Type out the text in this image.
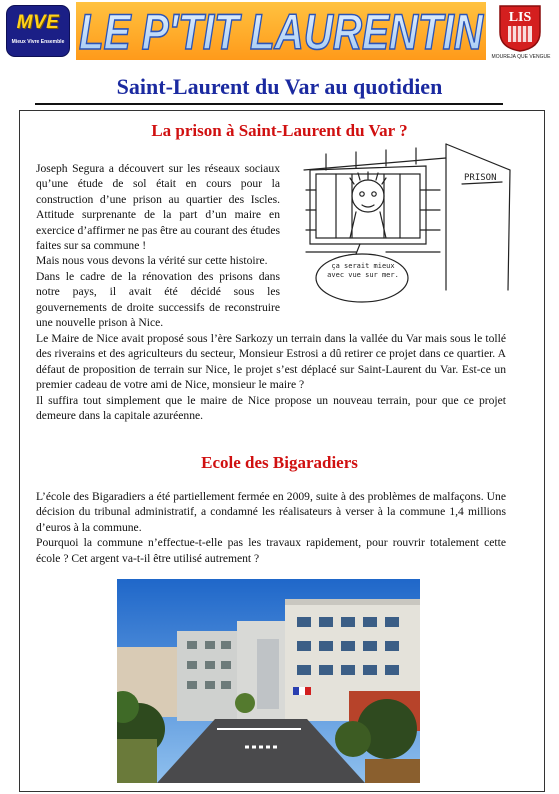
MVE
Mieux Vivre Ensemble LE P'TIT LAURENTIN LIS
MOUREJA QUE VENGUE
Saint-Laurent du Var au quotidien
La prison à Saint-Laurent du Var ?

Joseph Segura a découvert sur les réseaux sociaux qu’une étude de sol était en cours pour la construction d’une prison au quartier des Iscles. Attitude surprenante de la part d’un maire en exercice d’affirmer ne pas être au courant des études faites sur sa commune !

Mais nous vous devons la vérité sur cette histoire.

Dans le cadre de la rénovation des prisons dans notre pays, il avait été décidé sous les gouvernements de droite successifs de reconstruire une nouvelle prison à Nice.

PRISON
ça serait mieux avec vue sur mer.

Le Maire de Nice avait proposé sous l’ère Sarkozy un terrain dans la vallée du Var mais sous le tollé des riverains et des agriculteurs du secteur, Monsieur Estrosi a dû retirer ce projet dans ce quartier. A défaut de proposition de terrain sur Nice, le projet s’est déplacé sur Saint-Laurent du Var. Est-ce un premier cadeau de votre ami de Nice, monsieur le maire ?

Il suffira tout simplement que le maire de Nice propose un nouveau terrain, pour que ce projet demeure dans la capitale azuréenne.

Ecole des Bigaradiers

L’école des Bigaradiers a été partiellement fermée en 2009, suite à des problèmes de malfaçons. Une décision du tribunal administratif, a condamné les réalisateurs à verser à la commune 1,4 millions d’euros à la commune.

Pourquoi la commune n’effectue-t-elle pas les travaux rapidement, pour rouvrir totalement cette école ? Cet argent va-t-il être utilisé autrement ?
